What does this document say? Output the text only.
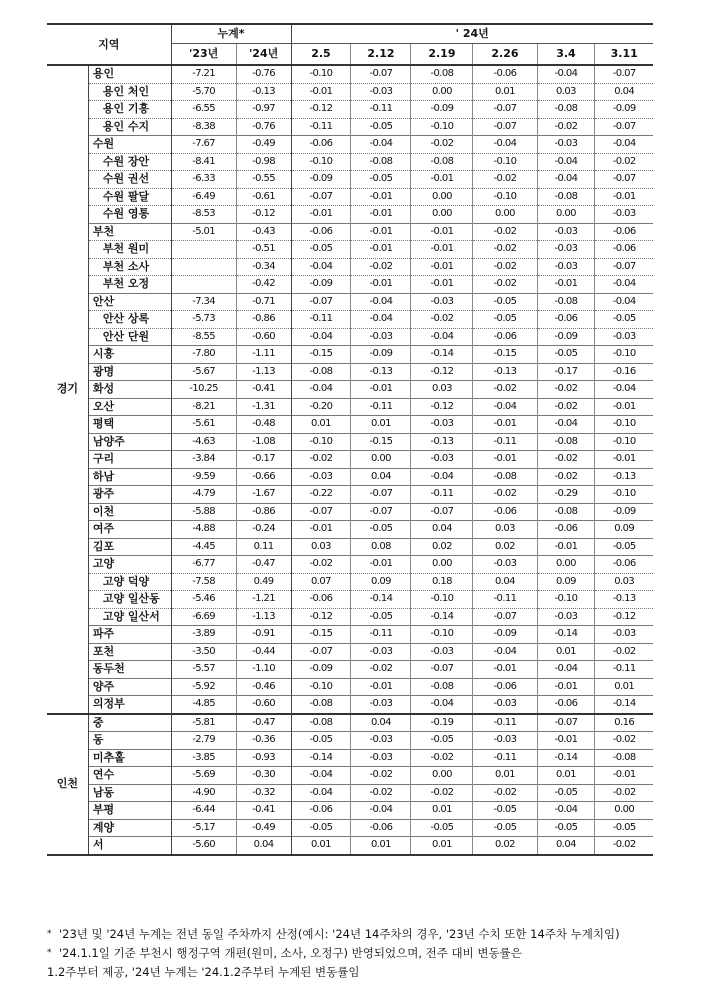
지역		누계*		' 24년					
		'23년	'24년	2.5	2.12	2.19	2.26	3.4	3.11
경기	용인	-7.21	-0.76	-0.10	-0.07	-0.08	-0.06	-0.04	-0.07
	용인 처인	-5.70	-0.13	-0.01	-0.03	0.00	0.01	0.03	0.04
	용인 기흥	-6.55	-0.97	-0.12	-0.11	-0.09	-0.07	-0.08	-0.09
	용인 수지	-8.38	-0.76	-0.11	-0.05	-0.10	-0.07	-0.02	-0.07
	수원	-7.67	-0.49	-0.06	-0.04	-0.02	-0.04	-0.03	-0.04
	수원 장안	-8.41	-0.98	-0.10	-0.08	-0.08	-0.10	-0.04	-0.02
	수원 권선	-6.33	-0.55	-0.09	-0.05	-0.01	-0.02	-0.04	-0.07
	수원 팔달	-6.49	-0.61	-0.07	-0.01	0.00	-0.10	-0.08	-0.01
	수원 영통	-8.53	-0.12	-0.01	-0.01	0.00	0.00	0.00	-0.03
	부천	-5.01	-0.43	-0.06	-0.01	-0.01	-0.02	-0.03	-0.06
	부천 원미		-0.51	-0.05	-0.01	-0.01	-0.02	-0.03	-0.06
	부천 소사		-0.34	-0.04	-0.02	-0.01	-0.02	-0.03	-0.07
	부천 오정		-0.42	-0.09	-0.01	-0.01	-0.02	-0.01	-0.04
	안산	-7.34	-0.71	-0.07	-0.04	-0.03	-0.05	-0.08	-0.04
	안산 상록	-5.73	-0.86	-0.11	-0.04	-0.02	-0.05	-0.06	-0.05
	안산 단원	-8.55	-0.60	-0.04	-0.03	-0.04	-0.06	-0.09	-0.03
	시흥	-7.80	-1.11	-0.15	-0.09	-0.14	-0.15	-0.05	-0.10
	광명	-5.67	-1.13	-0.08	-0.13	-0.12	-0.13	-0.17	-0.16
	화성	-10.25	-0.41	-0.04	-0.01	0.03	-0.02	-0.02	-0.04
	오산	-8.21	-1.31	-0.20	-0.11	-0.12	-0.04	-0.02	-0.01
	평택	-5.61	-0.48	0.01	0.01	-0.03	-0.01	-0.04	-0.10
	남양주	-4.63	-1.08	-0.10	-0.15	-0.13	-0.11	-0.08	-0.10
	구리	-3.84	-0.17	-0.02	0.00	-0.03	-0.01	-0.02	-0.01
	하남	-9.59	-0.66	-0.03	0.04	-0.04	-0.08	-0.02	-0.13
	광주	-4.79	-1.67	-0.22	-0.07	-0.11	-0.02	-0.29	-0.10
	이천	-5.88	-0.86	-0.07	-0.07	-0.07	-0.06	-0.08	-0.09
	여주	-4.88	-0.24	-0.01	-0.05	0.04	0.03	-0.06	0.09
	김포	-4.45	0.11	0.03	0.08	0.02	0.02	-0.01	-0.05
	고양	-6.77	-0.47	-0.02	-0.01	0.00	-0.03	0.00	-0.06
	고양 덕양	-7.58	0.49	0.07	0.09	0.18	0.04	0.09	0.03
	고양 일산동	-5.46	-1.21	-0.06	-0.14	-0.10	-0.11	-0.10	-0.13
	고양 일산서	-6.69	-1.13	-0.12	-0.05	-0.14	-0.07	-0.03	-0.12
	파주	-3.89	-0.91	-0.15	-0.11	-0.10	-0.09	-0.14	-0.03
	포천	-3.50	-0.44	-0.07	-0.03	-0.03	-0.04	0.01	-0.02
	동두천	-5.57	-1.10	-0.09	-0.02	-0.07	-0.01	-0.04	-0.11
	양주	-5.92	-0.46	-0.10	-0.01	-0.08	-0.06	-0.01	0.01
	의정부	-4.85	-0.60	-0.08	-0.03	-0.04	-0.03	-0.06	-0.14
인천	중	-5.81	-0.47	-0.08	0.04	-0.19	-0.11	-0.07	0.16
	동	-2.79	-0.36	-0.05	-0.03	-0.05	-0.03	-0.01	-0.02
	미추홀	-3.85	-0.93	-0.14	-0.03	-0.02	-0.11	-0.14	-0.08
	연수	-5.69	-0.30	-0.04	-0.02	0.00	0.01	0.01	-0.01
	남동	-4.90	-0.32	-0.04	-0.02	-0.02	-0.02	-0.05	-0.02
	부평	-6.44	-0.41	-0.06	-0.04	0.01	-0.05	-0.04	0.00
	계양	-5.17	-0.49	-0.05	-0.06	-0.05	-0.05	-0.05	-0.05
	서	-5.60	0.04	0.01	0.01	0.01	0.02	0.04	-0.02

* '23년 및 '24년 누계는 전년 동일 주차까지 산정(예시: '24년 14주차의 경우, '23년 수치 또한 14주차 누계치임)

* '24.1.1일 기준 부천시 행정구역 개편(원미, 소사, 오정구) 반영되었으며, 전주 대비 변동률은

1.2주부터 제공, '24년 누계는 '24.1.2주부터 누계된 변동률임
